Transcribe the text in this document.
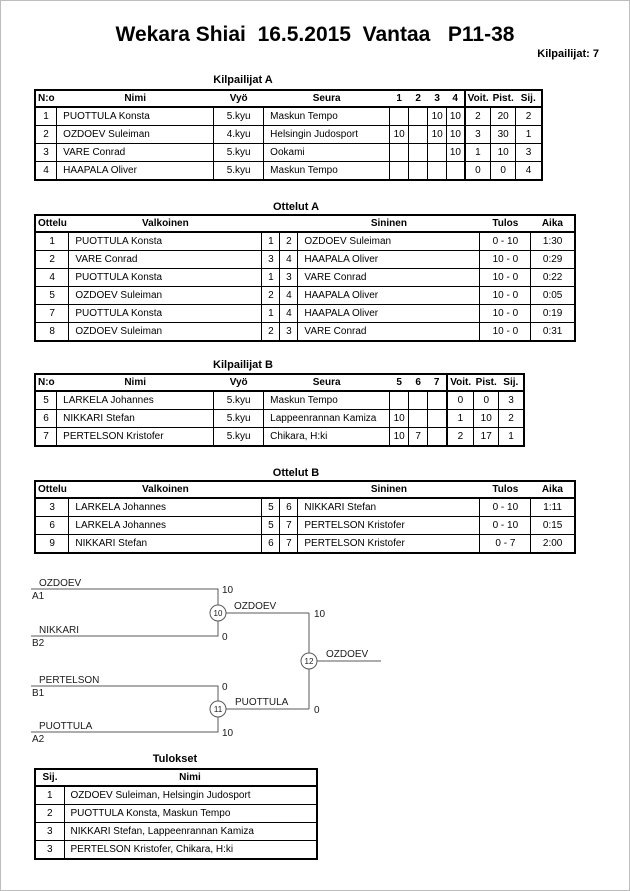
Wekara Shiai  16.5.2015  Vantaa   P11-38
Kilpailijat: 7
Kilpailijat A
N:o	Nimi	Vyö	Seura	1	2	3	4	Voit.	Pist.	Sij.
1	PUOTTULA Konsta	5.kyu	Maskun Tempo			10	10	2	20	2
2	OZDOEV Suleiman	4.kyu	Helsingin Judosport	10		10	10	3	30	1
3	VARE Conrad	5.kyu	Ookami				10	1	10	3
4	HAAPALA Oliver	5.kyu	Maskun Tempo					0	0	4
Ottelut A
Ottelu	Valkoinen			Sininen	Tulos	Aika
1	PUOTTULA Konsta	1	2	OZDOEV Suleiman	0 - 10	1:30
2	VARE Conrad	3	4	HAAPALA Oliver	10 - 0	0:29
4	PUOTTULA Konsta	1	3	VARE Conrad	10 - 0	0:22
5	OZDOEV Suleiman	2	4	HAAPALA Oliver	10 - 0	0:05
7	PUOTTULA Konsta	1	4	HAAPALA Oliver	10 - 0	0:19
8	OZDOEV Suleiman	2	3	VARE Conrad	10 - 0	0:31
Kilpailijat B
N:o	Nimi	Vyö	Seura	5	6	7	Voit.	Pist.	Sij.
5	LARKELA Johannes	5.kyu	Maskun Tempo				0	0	3
6	NIKKARI Stefan	5.kyu	Lappeenrannan Kamiza	10			1	10	2
7	PERTELSON Kristofer	5.kyu	Chikara, H:ki	10	7		2	17	1
Ottelut B
Ottelu	Valkoinen			Sininen	Tulos	Aika
3	LARKELA Johannes	5	6	NIKKARI Stefan	0 - 10	1:11
6	LARKELA Johannes	5	7	PERTELSON Kristofer	0 - 10	0:15
9	NIKKARI Stefan	6	7	PERTELSON Kristofer	0 - 7	2:00
OZDOEV
A1
10
NIKKARI
B2
0
10
OZDOEV
10
PERTELSON
B1
0
PUOTTULA
A2
10
11
PUOTTULA
0
12
OZDOEV
Tulokset
Sij.	Nimi
1	OZDOEV Suleiman, Helsingin Judosport
2	PUOTTULA Konsta, Maskun Tempo
3	NIKKARI Stefan, Lappeenrannan Kamiza
3	PERTELSON Kristofer, Chikara, H:ki
